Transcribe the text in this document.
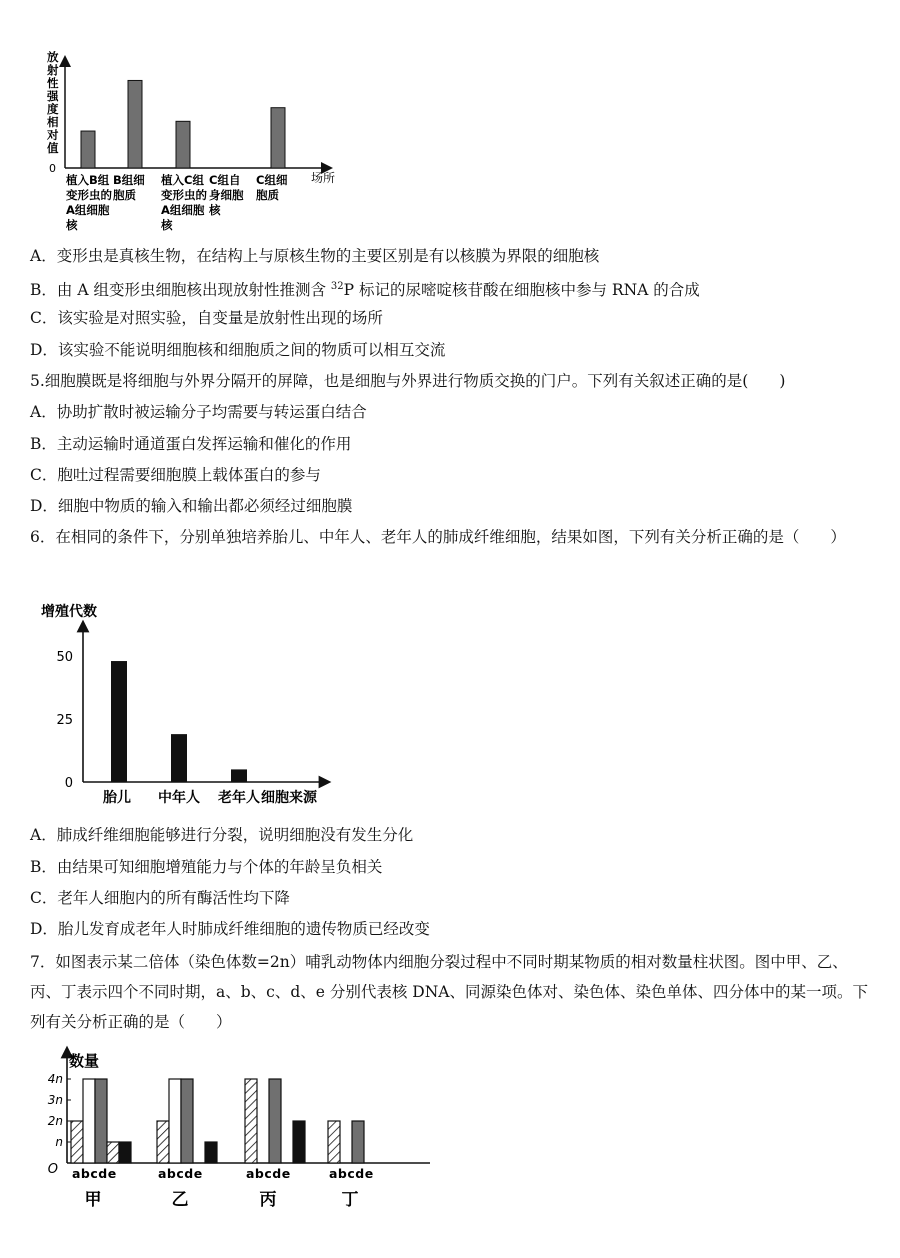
0
场所
放射性强度相对值
植入B组
变形虫的
A组细胞
核
B组细
胞质
植入C组
变形虫的
A组细胞
核
C组自
身细胞
核
C组细
胞质
A．变形虫是真核生物，在结构上与原核生物的主要区别是有以核膜为界限的细胞核
B．由 A 组变形虫细胞核出现放射性推测含 $^{32}$P 标记的尿嘧啶核苷酸在细胞核中参与 RNA 的合成
C．该实验是对照实验，自变量是放射性出现的场所
D．该实验不能说明细胞核和细胞质之间的物质可以相互交流
5.细胞膜既是将细胞与外界分隔开的屏障，也是细胞与外界进行物质交换的门户。下列有关叙述正确的是(　　)
A．协助扩散时被运输分子均需要与转运蛋白结合
B．主动运输时通道蛋白发挥运输和催化的作用
C．胞吐过程需要细胞膜上载体蛋白的参与
D．细胞中物质的输入和输出都必须经过细胞膜
6．在相同的条件下，分别单独培养胎儿、中年人、老年人的肺成纤维细胞，结果如图，下列有关分析正确的是（　　）
增殖代数
50
25
0
胎儿 中年人 老年人 细胞来源
A．肺成纤维细胞能够进行分裂，说明细胞没有发生分化
B．由结果可知细胞增殖能力与个体的年龄呈负相关
C．老年人细胞内的所有酶活性均下降
D．胎儿发育成老年人时肺成纤维细胞的遗传物质已经改变
7．如图表示某二倍体（染色体数=2n）哺乳动物体内细胞分裂过程中不同时期某物质的相对数量柱状图。图中甲、乙、丙、丁表示四个不同时期，a、b、c、d、e 分别代表核 DNA、同源染色体对、染色体、染色单体、四分体中的某一项。下列有关分析正确的是（　　）
数量
O
4n
3n
2n
n
abcde
甲
abcde
乙
abcde
丙
abcde
丁
